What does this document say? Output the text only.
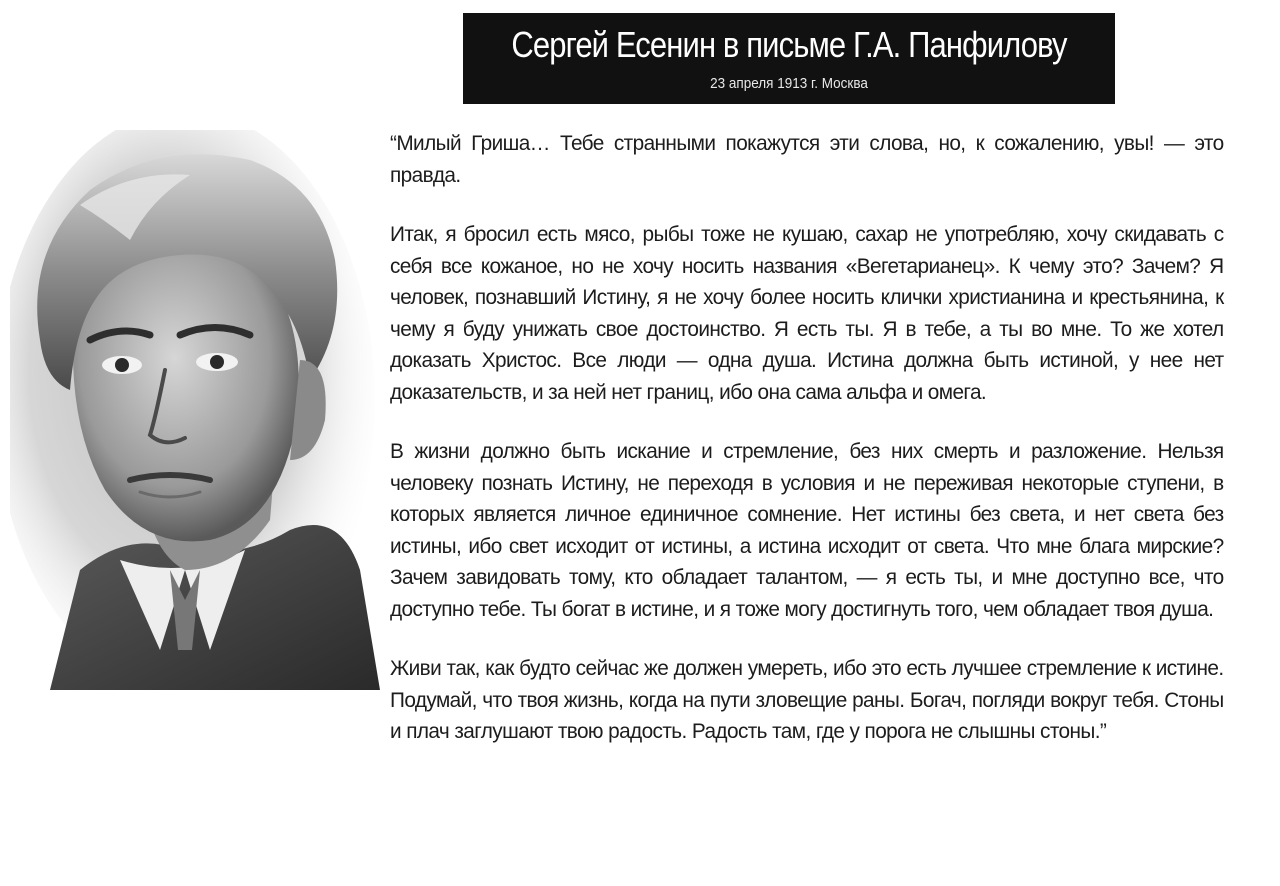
Сергей Есенин в письме Г.А. Панфилову
23 апреля 1913 г. Москва

“Милый Гриша… Тебе странными покажутся эти слова, но, к сожалению, увы! — это правда.

Итак, я бросил есть мясо, рыбы тоже не кушаю, сахар не употребляю, хочу скидавать с себя все кожаное, но не хочу носить названия «Вегетарианец». К чему это? Зачем? Я человек, познавший Истину, я не хочу более носить клички христианина и крестьянина, к чему я буду унижать свое достоинство. Я есть ты. Я в тебе, а ты во мне. То же хотел доказать Христос. Все люди — одна душа. Истина должна быть истиной, у нее нет доказательств, и за ней нет границ, ибо она сама альфа и омега.

В жизни должно быть искание и стремление, без них смерть и разложение. Нельзя человеку познать Истину, не переходя в условия и не переживая некоторые ступени, в которых является личное единичное сомнение. Нет истины без света, и нет света без истины, ибо свет исходит от истины, а истина исходит от света. Что мне блага мирские? Зачем завидовать тому, кто обладает талантом, — я есть ты, и мне доступно все, что доступно тебе. Ты богат в истине, и я тоже могу достигнуть того, чем обладает твоя душа.

Живи так, как будто сейчас же должен умереть, ибо это есть лучшее стремление к истине. Подумай, что твоя жизнь, когда на пути зловещие раны. Богач, погляди вокруг тебя. Стоны и плач заглушают твою радость. Радость там, где у порога не слышны стоны.”
